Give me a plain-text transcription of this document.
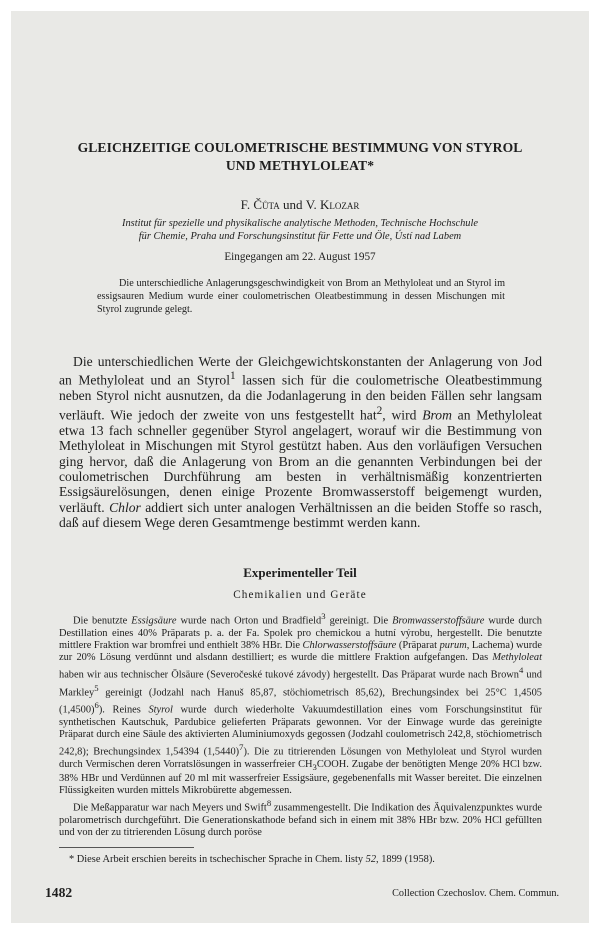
GLEICHZEITIGE COULOMETRISCHE BESTIMMUNG VON STYROL
UND METHYLOLEAT*
F. Čůta und V. Klozar
Institut für spezielle und physikalische analytische Methoden, Technische Hochschule
für Chemie, Praha und Forschungsinstitut für Fette und Öle, Ústí nad Labem
Eingegangen am 22. August 1957
Die unterschiedliche Anlagerungsgeschwindigkeit von Brom an Methyloleat und an Styrol im essigsauren Medium wurde einer coulometrischen Oleatbestimmung in dessen Mischungen mit Styrol zugrunde gelegt.
Die unterschiedlichen Werte der Gleichgewichtskonstanten der Anlagerung von Jod an Methyloleat und an Styrol$^1$ lassen sich für die coulometrische Oleatbestimmung neben Styrol nicht ausnutzen, da die Jodanlagerung in den beiden Fällen sehr langsam verläuft. Wie jedoch der zweite von uns festgestellt hat$^2$, wird Brom an Methyloleat etwa 13 fach schneller gegenüber Styrol angelagert, worauf wir die Bestimmung von Methyloleat in Mischungen mit Styrol gestützt haben. Aus den vorläufigen Versuchen ging hervor, daß die Anlagerung von Brom an die genannten Verbindungen bei der coulometrischen Durchführung am besten in verhältnismäßig konzentrierten Essigsäurelösungen, denen einige Prozente Bromwasserstoff beigemengt wurden, verläuft. Chlor addiert sich unter analogen Verhältnissen an die beiden Stoffe so rasch, daß auf diesem Wege deren Gesamtmenge bestimmt werden kann.
Experimenteller Teil
Chemikalien und Geräte

Die benutzte Essigsäure wurde nach Orton und Bradfield$^3$ gereinigt. Die Bromwasserstoffsäure wurde durch Destillation eines 40% Präparats p. a. der Fa. Spolek pro chemickou a hutní výrobu, hergestellt. Die benutzte mittlere Fraktion war bromfrei und enthielt 38% HBr. Die Chlorwasserstoffsäure (Präparat purum, Lachema) wurde zur 20% Lösung verdünnt und alsdann destilliert; es wurde die mittlere Fraktion aufgefangen. Das Methyloleat haben wir aus technischer Ölsäure (Severočeské tukové závody) hergestellt. Das Präparat wurde nach Brown$^4$ und Markley$^5$ gereinigt (Jodzahl nach Hanuš 85,87, stöchiometrisch 85,62), Brechungsindex bei 25°C 1,4505 $(1,4500)^6$). Reines Styrol wurde durch wiederholte Vakuumdestillation eines vom Forschungsinstitut für synthetischen Kautschuk, Pardubice gelieferten Präparats gewonnen. Vor der Einwage wurde das gereinigte Präparat durch eine Säule des aktivierten Aluminiumoxyds gegossen (Jodzahl coulometrisch 242,8, stöchiometrisch 242,8); Brechungsindex 1,54394 $(1,5440)^7$). Die zu titrierenden Lösungen von Methyloleat und Styrol wurden durch Vermischen deren Vorratslösungen in wasserfreier $CH_3COOH$. Zugabe der benötigten Menge 20% HCl bzw. 38% HBr und Verdünnen auf 20 ml mit wasserfreier Essigsäure, gegebenenfalls mit Wasser bereitet. Die einzelnen Flüssigkeiten wurden mittels Mikrobürette abgemessen.

Die Meßapparatur war nach Meyers und Swift$^8$ zusammengestellt. Die Indikation des Äquivalenzpunktes wurde polarometrisch durchgeführt. Die Generationskathode befand sich in einem mit 38% HBr bzw. 20% HCl gefüllten und von der zu titrierenden Lösung durch poröse

* Diese Arbeit erschien bereits in tschechischer Sprache in Chem. listy 52, 1899 (1958).
1482	Collection Czechoslov. Chem. Commun.
